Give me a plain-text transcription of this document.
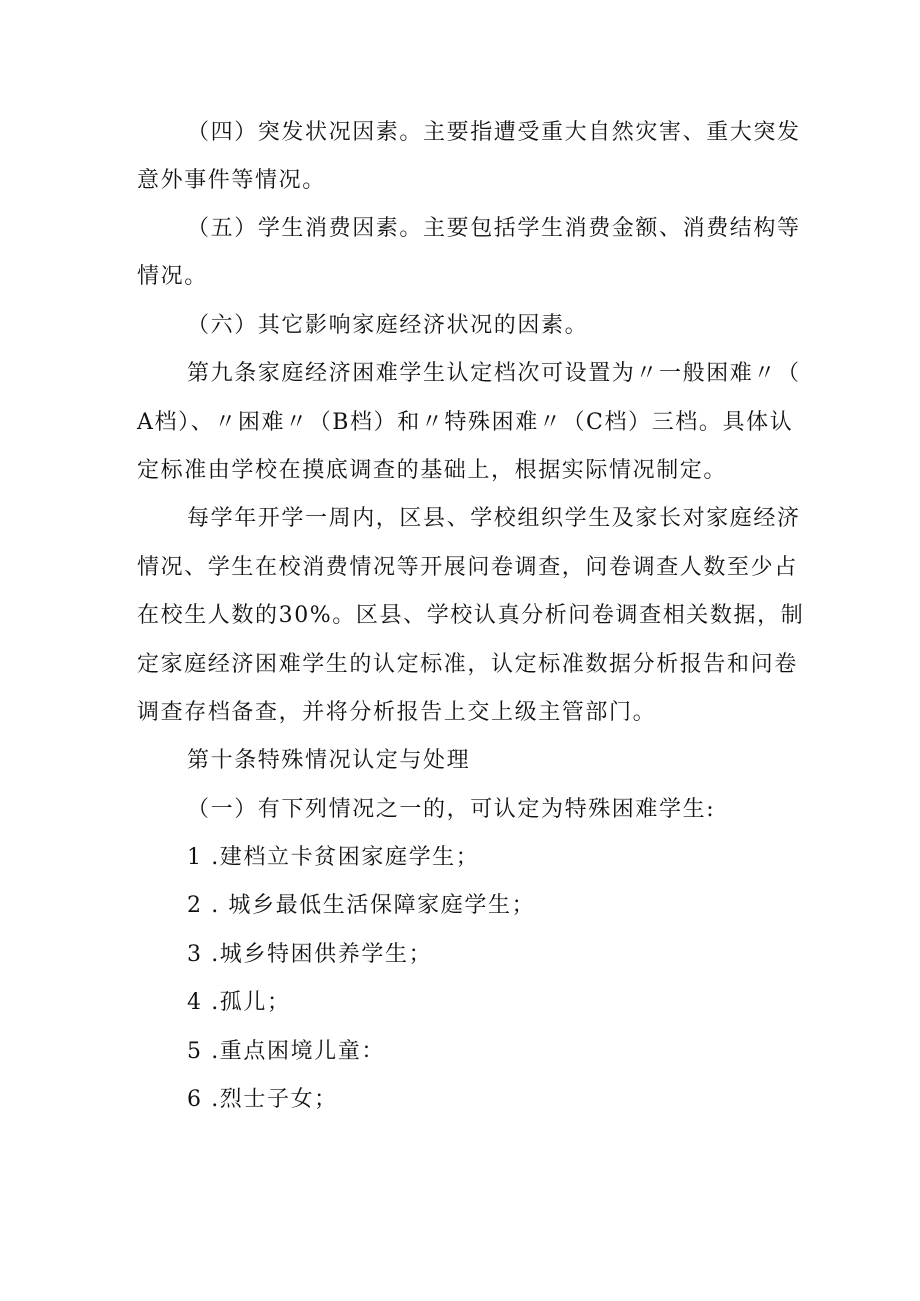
（四）突发状况因素。主要指遭受重大自然灾害、重大突发
意外事件等情况。
（五）学生消费因素。主要包括学生消费金额、消费结构等
情况。
（六）其它影响家庭经济状况的因素。
第九条家庭经济困难学生认定档次可设置为〃一般困难〃（
A档）、〃困难〃（B档）和〃特殊困难〃（C档）三档。具体认
定标准由学校在摸底调查的基础上，根据实际情况制定。
每学年开学一周内，区县、学校组织学生及家长对家庭经济
情况、学生在校消费情况等开展问卷调查，问卷调查人数至少占
在校生人数的30%。区县、学校认真分析问卷调查相关数据，制
定家庭经济困难学生的认定标准，认定标准数据分析报告和问卷
调查存档备查，并将分析报告上交上级主管部门。
第十条特殊情况认定与处理
（一）有下列情况之一的，可认定为特殊困难学生:
1 .建档立卡贫困家庭学生；
2 . 城乡最低生活保障家庭学生；
3 .城乡特困供养学生；
4 .孤儿；
5 .重点困境儿童：
6 .烈士子女；
